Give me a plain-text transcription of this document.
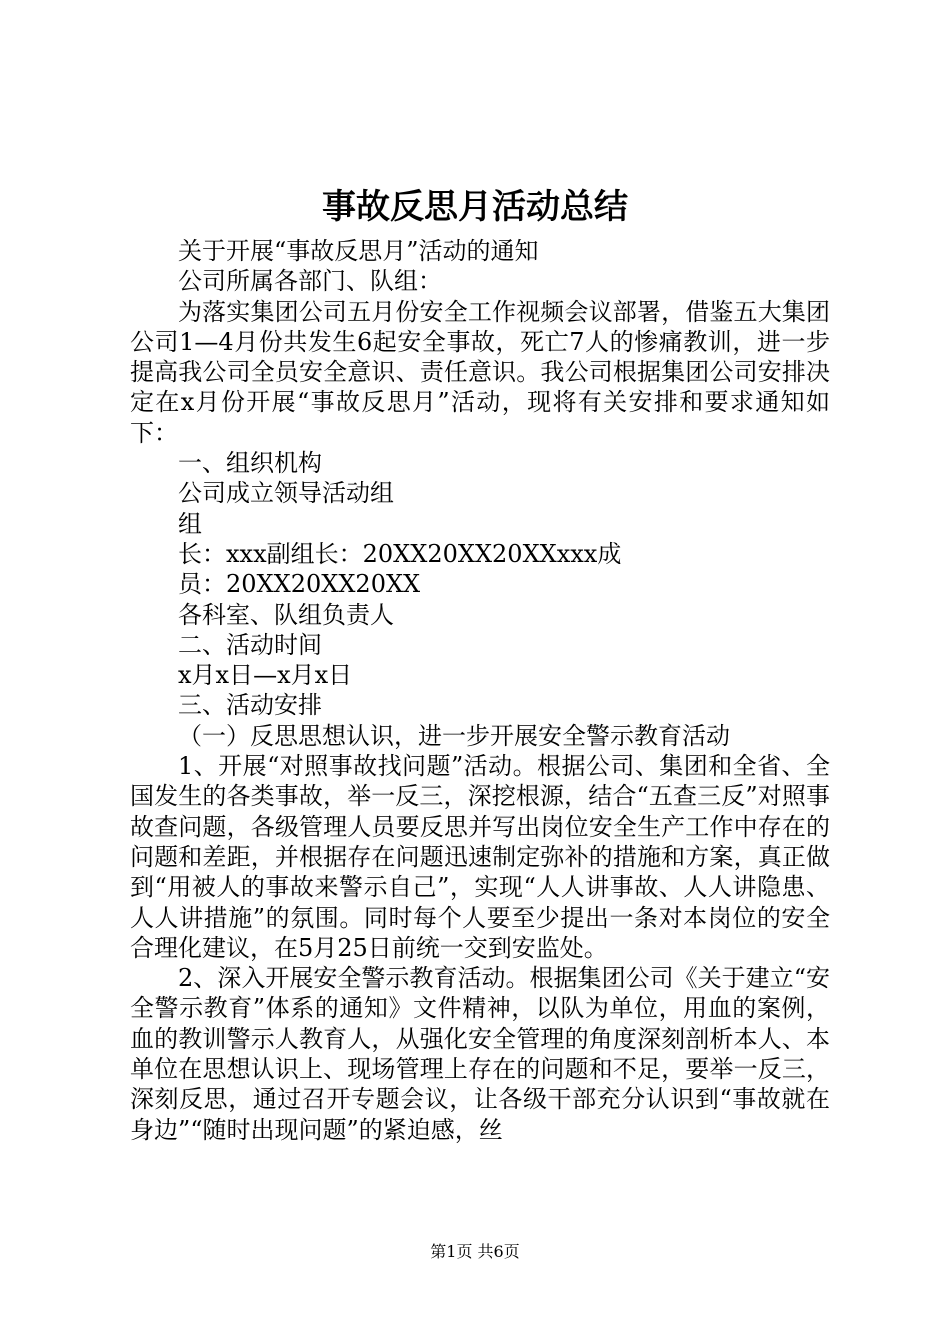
事故反思月活动总结

关于开展“事故反思月”活动的通知

公司所属各部门、队组：

为落实集团公司五月份安全工作视频会议部署，借鉴五大集团公司1—4月份共发生6起安全事故，死亡7人的惨痛教训，进一步提高我公司全员安全意识、责任意识。我公司根据集团公司安排决定在x月份开展“事故反思月”活动，现将有关安排和要求通知如下：

一、组织机构

公司成立领导活动组

组

长：xxx副组长：20XX20XX20XXxxx成

员：20XX20XX20XX

各科室、队组负责人

二、活动时间

x月x日—x月x日

三、活动安排

（一）反思思想认识，进一步开展安全警示教育活动

1、开展“对照事故找问题”活动。根据公司、集团和全省、全国发生的各类事故，举一反三，深挖根源，结合“五查三反”对照事故查问题，各级管理人员要反思并写出岗位安全生产工作中存在的问题和差距，并根据存在问题迅速制定弥补的措施和方案，真正做到“用被人的事故来警示自己”，实现“人人讲事故、人人讲隐患、人人讲措施”的氛围。同时每个人要至少提出一条对本岗位的安全合理化建议，在5月25日前统一交到安监处。

2、深入开展安全警示教育活动。根据集团公司《关于建立“安全警示教育”体系的通知》文件精神，以队为单位，用血的案例，血的教训警示人教育人，从强化安全管理的角度深刻剖析本人、本单位在思想认识上、现场管理上存在的问题和不足，要举一反三，深刻反思，通过召开专题会议，让各级干部充分认识到“事故就在身边”“随时出现问题”的紧迫感，丝

第1页 共6页
